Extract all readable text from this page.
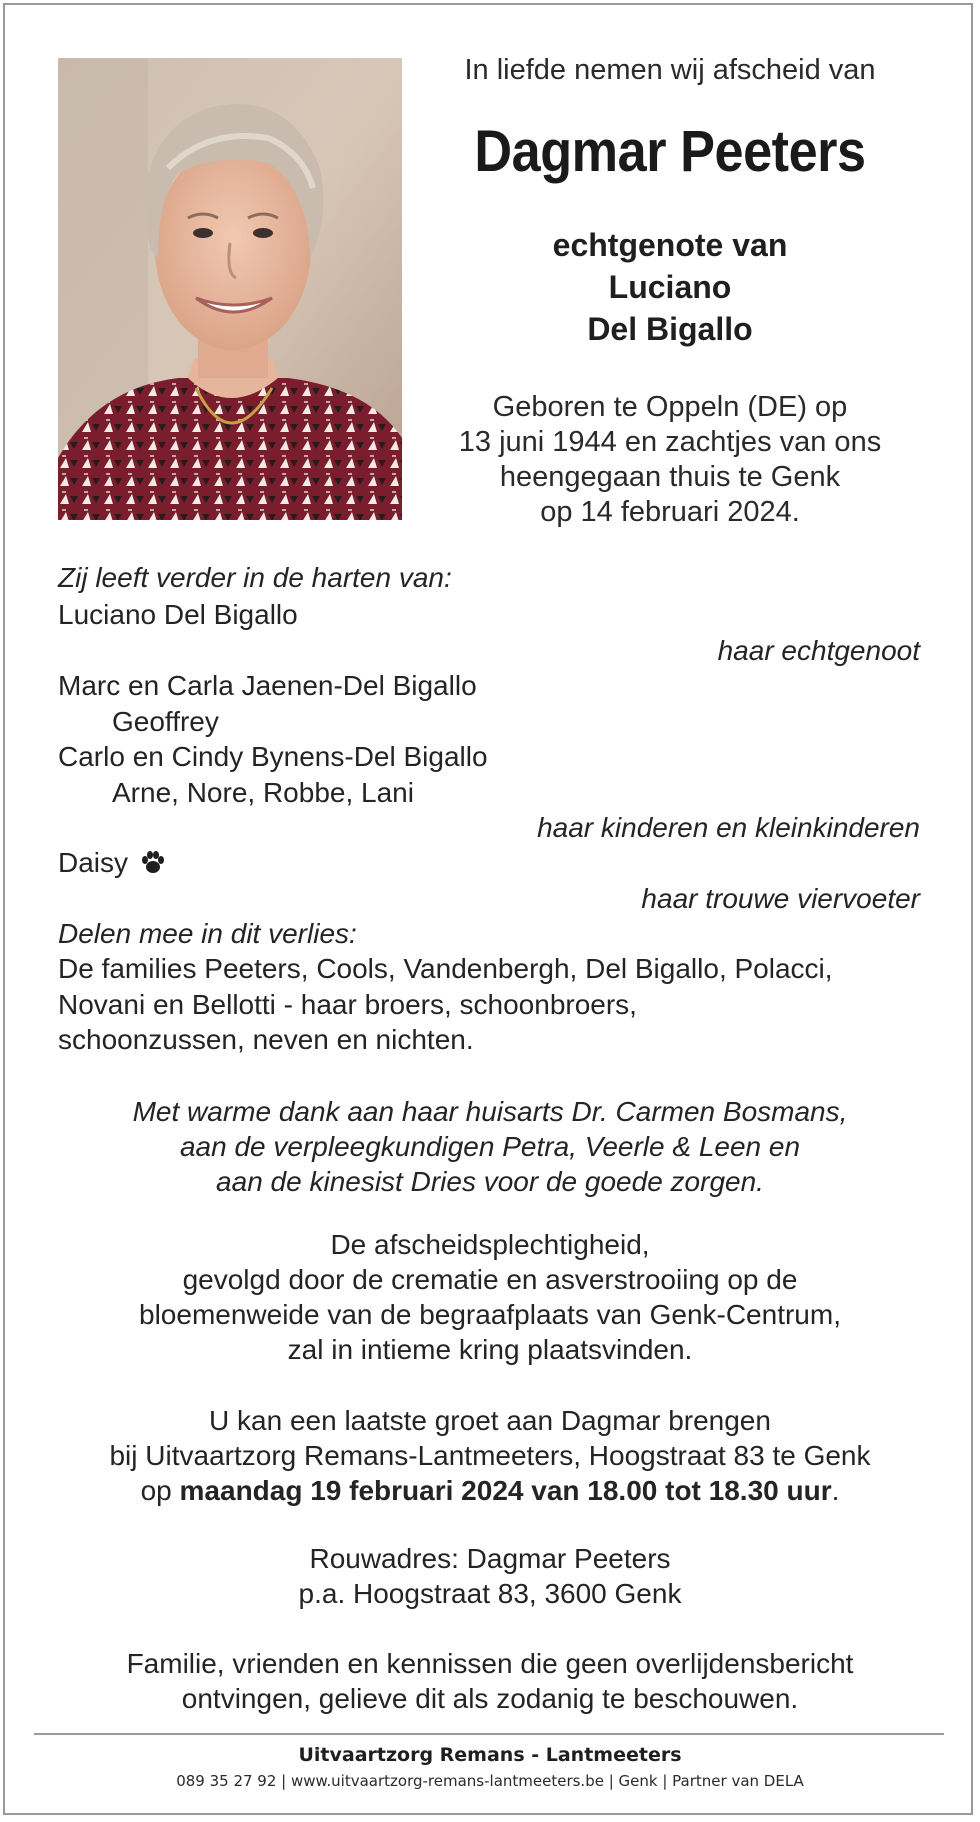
In liefde nemen wij afscheid van
Dagmar Peeters
echtgenote van
Luciano
Del Bigallo
Geboren te Oppeln (DE) op
13 juni 1944 en zachtjes van ons
heengegaan thuis te Genk
op 14 februari 2024.
Zij leeft verder in de harten van:
Luciano Del Bigallo
haar echtgenoot
Marc en Carla Jaenen-Del Bigallo
Geoffrey
Carlo en Cindy Bynens-Del Bigallo
Arne, Nore, Robbe, Lani
haar kinderen en kleinkinderen
Daisy
haar trouwe viervoeter
Delen mee in dit verlies:
De families Peeters, Cools, Vandenbergh, Del Bigallo, Polacci,
Novani en Bellotti - haar broers, schoonbroers,
schoonzussen, neven en nichten.

Met warme dank aan haar huisarts Dr. Carmen Bosmans,

aan de verpleegkundigen Petra, Veerle & Leen en

aan de kinesist Dries voor de goede zorgen.

De afscheidsplechtigheid,

gevolgd door de crematie en asverstrooiing op de

bloemenweide van de begraafplaats van Genk-Centrum,

zal in intieme kring plaatsvinden.

U kan een laatste groet aan Dagmar brengen

bij Uitvaartzorg Remans-Lantmeeters, Hoogstraat 83 te Genk

op maandag 19 februari 2024 van 18.00 tot 18.30 uur.

Rouwadres: Dagmar Peeters

p.a. Hoogstraat 83, 3600 Genk

Familie, vrienden en kennissen die geen overlijdensbericht

ontvingen, gelieve dit als zodanig te beschouwen.

Uitvaartzorg Remans - Lantmeeters
089 35 27 92 | www.uitvaartzorg-remans-lantmeeters.be | Genk | Partner van DELA
